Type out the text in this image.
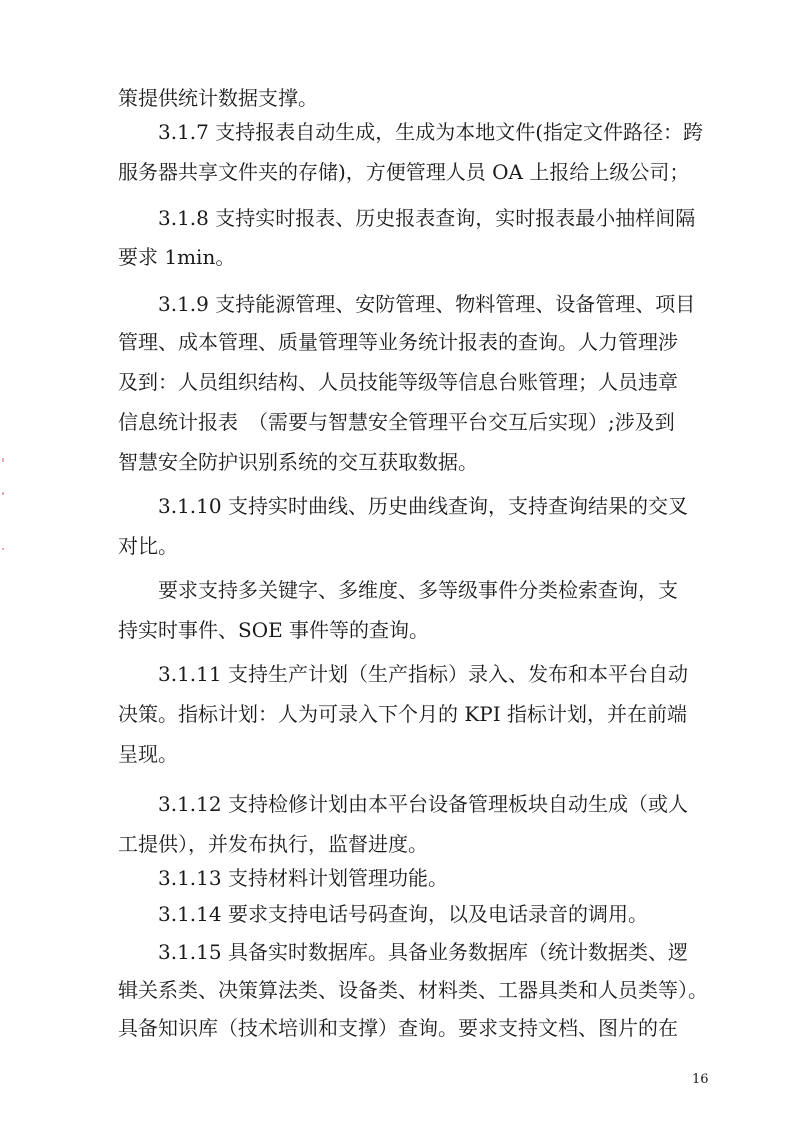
策提供统计数据支撑。
3.1.7 支持报表自动生成，生成为本地文件(指定文件路径：跨
服务器共享文件夹的存储)，方便管理人员 OA 上报给上级公司；
3.1.8 支持实时报表、历史报表查询，实时报表最小抽样间隔
要求 1min。
3.1.9 支持能源管理、安防管理、物料管理、设备管理、项目
管理、成本管理、质量管理等业务统计报表的查询。人力管理涉
及到：人员组织结构、人员技能等级等信息台账管理；人员违章
信息统计报表　（需要与智慧安全管理平台交互后实现）;涉及到
智慧安全防护识别系统的交互获取数据。
3.1.10 支持实时曲线、历史曲线查询，支持查询结果的交叉
对比。
要求支持多关键字、多维度、多等级事件分类检索查询，支
持实时事件、SOE 事件等的查询。
3.1.11 支持生产计划（生产指标）录入、发布和本平台自动
决策。指标计划：人为可录入下个月的 KPI 指标计划，并在前端
呈现。
3.1.12 支持检修计划由本平台设备管理板块自动生成（或人
工提供），并发布执行，监督进度。
3.1.13 支持材料计划管理功能。
3.1.14 要求支持电话号码查询，以及电话录音的调用。
3.1.15 具备实时数据库。具备业务数据库（统计数据类、逻
辑关系类、决策算法类、设备类、材料类、工器具类和人员类等）。
具备知识库（技术培训和支撑）查询。要求支持文档、图片的在
16
